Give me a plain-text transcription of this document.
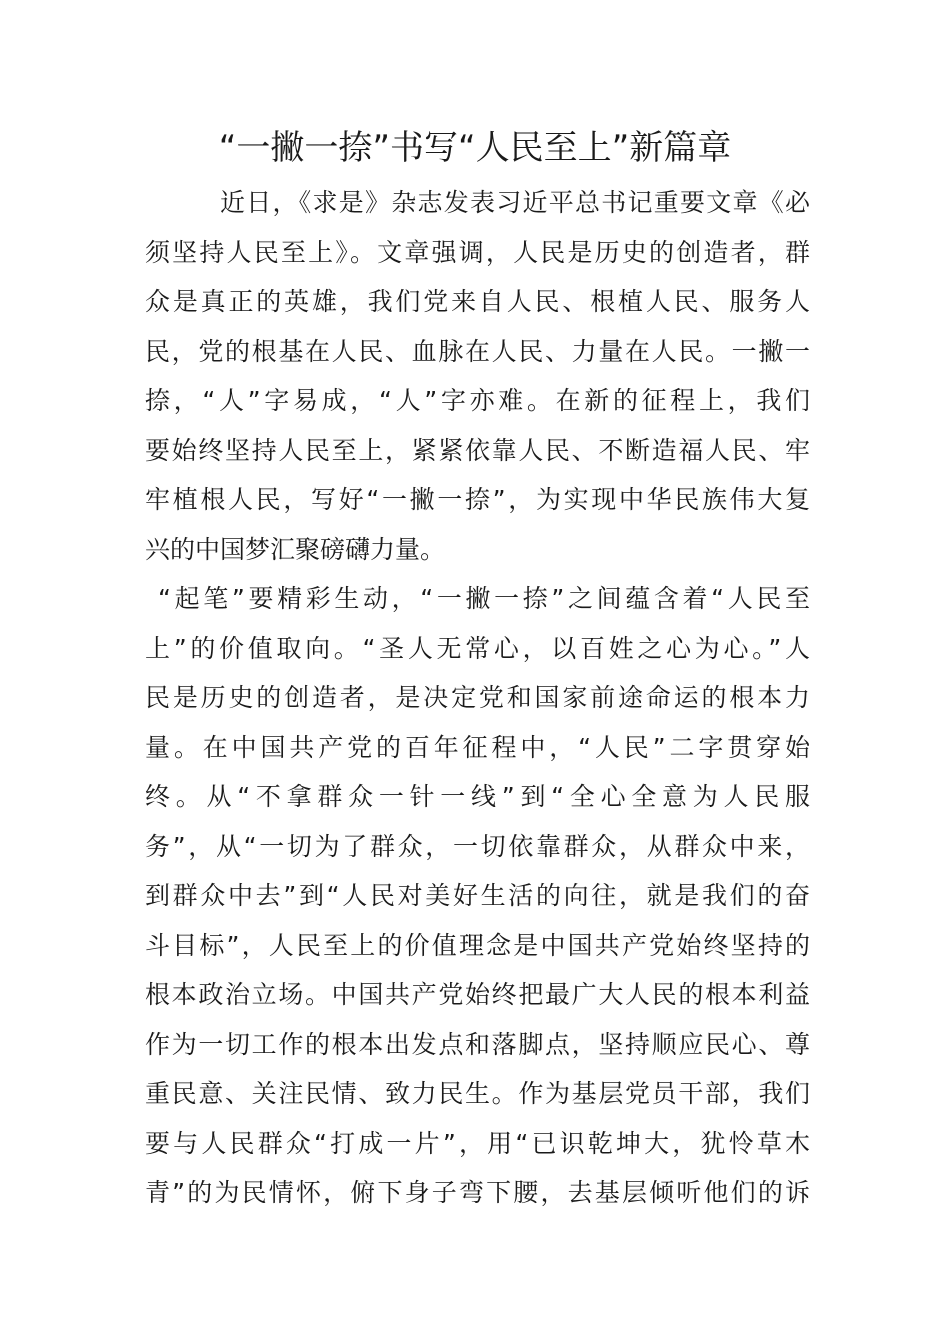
“一撇一捺”书写“人民至上”新篇章
近日，《求是》杂志发表习近平总书记重要文章《必
须坚持人民至上》。文章强调，人民是历史的创造者，群
众是真正的英雄，我们党来自人民、根植人民、服务人
民，党的根基在人民、血脉在人民、力量在人民。一撇一
捺，“人”字易成，“人”字亦难。在新的征程上，我们
要始终坚持人民至上，紧紧依靠人民、不断造福人民、牢
牢植根人民，写好“一撇一捺”，为实现中华民族伟大复
兴的中国梦汇聚磅礴力量。
“起笔”要精彩生动，“一撇一捺”之间蕴含着“人民至
上”的价值取向。“圣人无常心，以百姓之心为心。”人
民是历史的创造者，是决定党和国家前途命运的根本力
量。在中国共产党的百年征程中，“人民”二字贯穿始
终。从“不拿群众一针一线”到“全心全意为人民服
务”，从“一切为了群众，一切依靠群众，从群众中来，
到群众中去”到“人民对美好生活的向往，就是我们的奋
斗目标”，人民至上的价值理念是中国共产党始终坚持的
根本政治立场。中国共产党始终把最广大人民的根本利益
作为一切工作的根本出发点和落脚点，坚持顺应民心、尊
重民意、关注民情、致力民生。作为基层党员干部，我们
要与人民群众“打成一片”，用“已识乾坤大，犹怜草木
青”的为民情怀，俯下身子弯下腰，去基层倾听他们的诉
